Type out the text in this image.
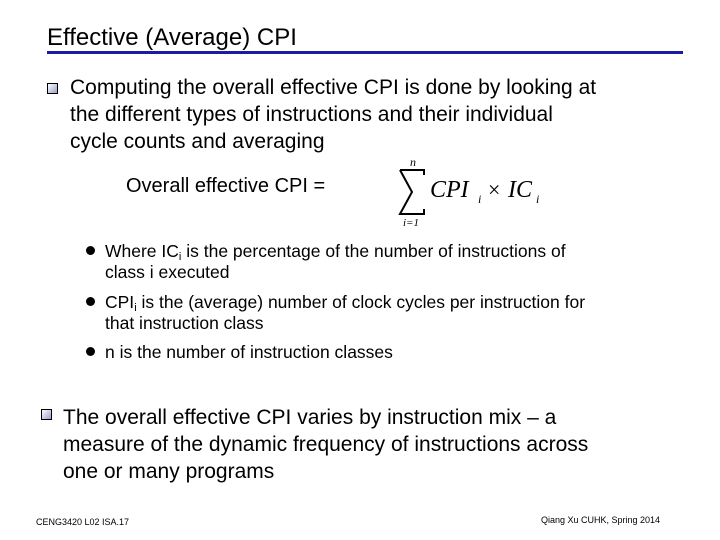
Effective (Average) CPI
Computing the overall effective CPI is done by looking at
the different types of instructions and their individual
cycle counts and averaging
Overall effective CPI =
n
i=1
CPI i × IC i
Where $IC_i$ is the percentage of the number of instructions of
class i executed
$CPI_i$ is the (average) number of clock cycles per instruction for
that instruction class
n is the number of instruction classes
The overall effective CPI varies by instruction mix – a
measure of the dynamic frequency of instructions across
one or many programs
CENG3420 L02 ISA.17	Qiang Xu CUHK, Spring 2014
